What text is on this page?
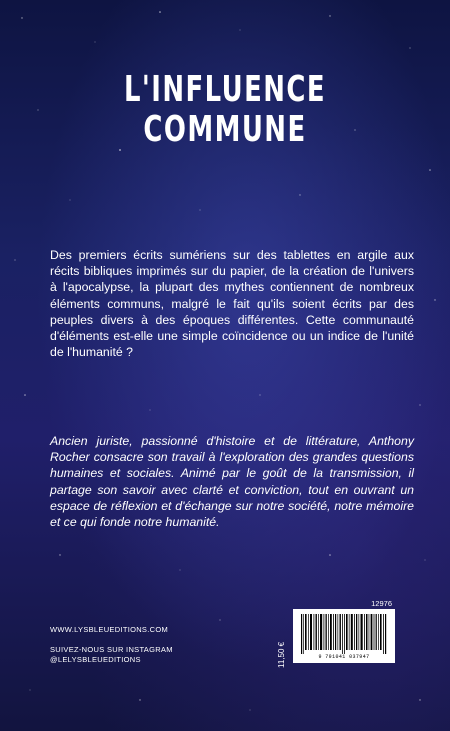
L'INFLUENCE
COMMUNE

Des premiers écrits sumériens sur des tablettes en argile aux récits bibliques imprimés sur du papier, de la création de l'univers à l'apocalypse, la plupart des mythes contiennent de nombreux éléments communs, malgré le fait qu'ils soient écrits par des peuples divers à des époques différentes. Cette communauté d'éléments est-elle une simple coïncidence ou un indice de l'unité de l'humanité ?

Ancien juriste, passionné d'histoire et de littérature, Anthony Rocher consacre son travail à l'exploration des grandes questions humaines et sociales. Animé par le goût de la transmission, il partage son savoir avec clarté et conviction, tout en ouvrant un espace de réflexion et d'échange sur notre société, notre mémoire et ce qui fonde notre humanité.

WWW.LYSBLEUEDITIONS.COM
SUIVEZ-NOUS SUR INSTAGRAM
@LELYSBLEUEDITIONS
12976
11,50 €	9 791041 037947
